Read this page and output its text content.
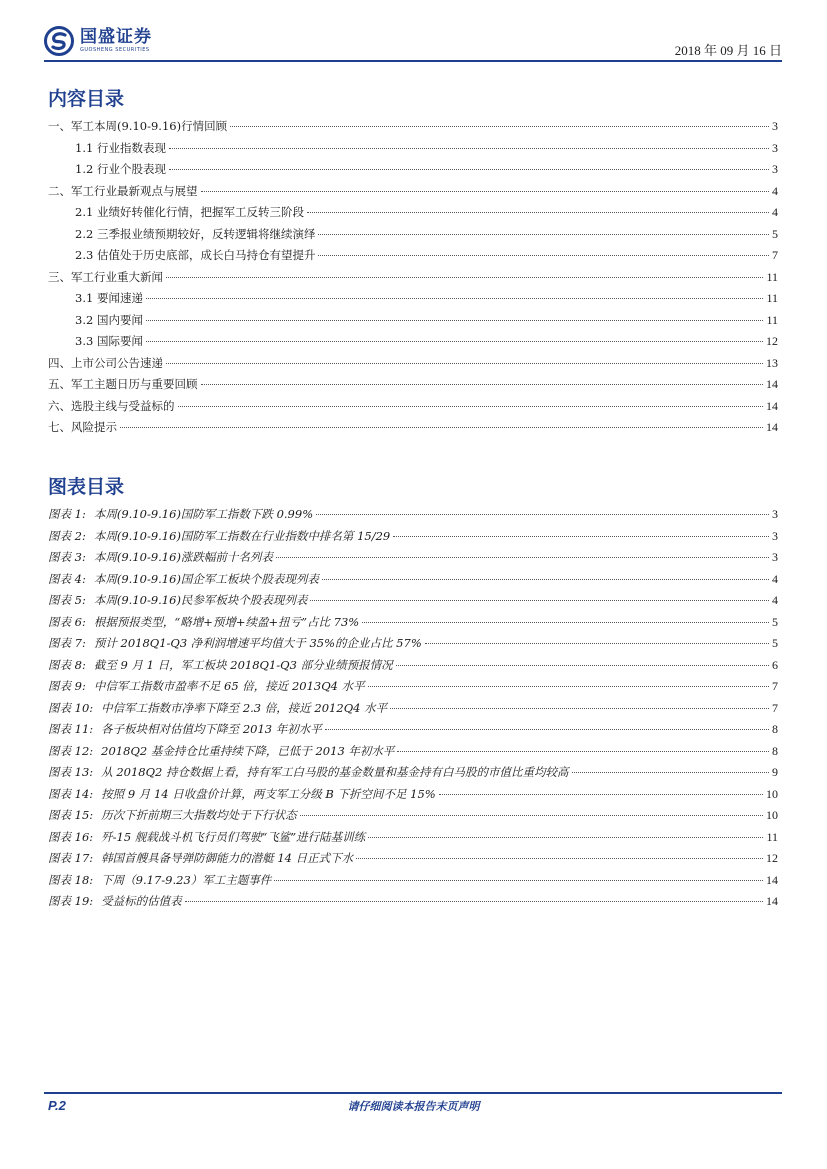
国盛证券
GUOSHENG SECURITIES	2018 年 09 月 16 日
内容目录
一、军工本周(9.10-9.16)行情回顾	3
1.1 行业指数表现	3
1.2 行业个股表现	3
二、军工行业最新观点与展望	4
2.1 业绩好转催化行情，把握军工反转三阶段	4
2.2 三季报业绩预期较好，反转逻辑将继续演绎	5
2.3 估值处于历史底部，成长白马持仓有望提升	7
三、军工行业重大新闻	11
3.1 要闻速递	11
3.2 国内要闻	11
3.3 国际要闻	12
四、上市公司公告速递	13
五、军工主题日历与重要回顾	14
六、选股主线与受益标的	14
七、风险提示	14
图表目录
图表 1: 本周(9.10-9.16)国防军工指数下跌 0.99%	3
图表 2: 本周(9.10-9.16)国防军工指数在行业指数中排名第 15/29	3
图表 3: 本周(9.10-9.16)涨跌幅前十名列表	3
图表 4: 本周(9.10-9.16)国企军工板块个股表现列表	4
图表 5: 本周(9.10-9.16)民参军板块个股表现列表	4
图表 6: 根据预报类型，“略增+预增+续盈+扭亏”占比 73%	5
图表 7: 预计 2018Q1-Q3 净利润增速平均值大于 35%的企业占比 57%	5
图表 8: 截至 9 月 1 日，军工板块 2018Q1-Q3 部分业绩预报情况	6
图表 9: 中信军工指数市盈率不足 65 倍，接近 2013Q4 水平	7
图表 10: 中信军工指数市净率下降至 2.3 倍，接近 2012Q4 水平	7
图表 11: 各子板块相对估值均下降至 2013 年初水平	8
图表 12: 2018Q2 基金持仓比重持续下降，已低于 2013 年初水平	8
图表 13: 从 2018Q2 持仓数据上看，持有军工白马股的基金数量和基金持有白马股的市值比重均较高	9
图表 14: 按照 9 月 14 日收盘价计算，两支军工分级 B 下折空间不足 15%	10
图表 15: 历次下折前期三大指数均处于下行状态	10
图表 16: 歼-15 舰载战斗机飞行员们驾驶“飞鲨”进行陆基训练	11
图表 17: 韩国首艘具备导弹防御能力的潜艇 14 日正式下水	12
图表 18: 下周（9.17-9.23）军工主题事件	14
图表 19: 受益标的估值表	14
P.2	请仔细阅读本报告末页声明
